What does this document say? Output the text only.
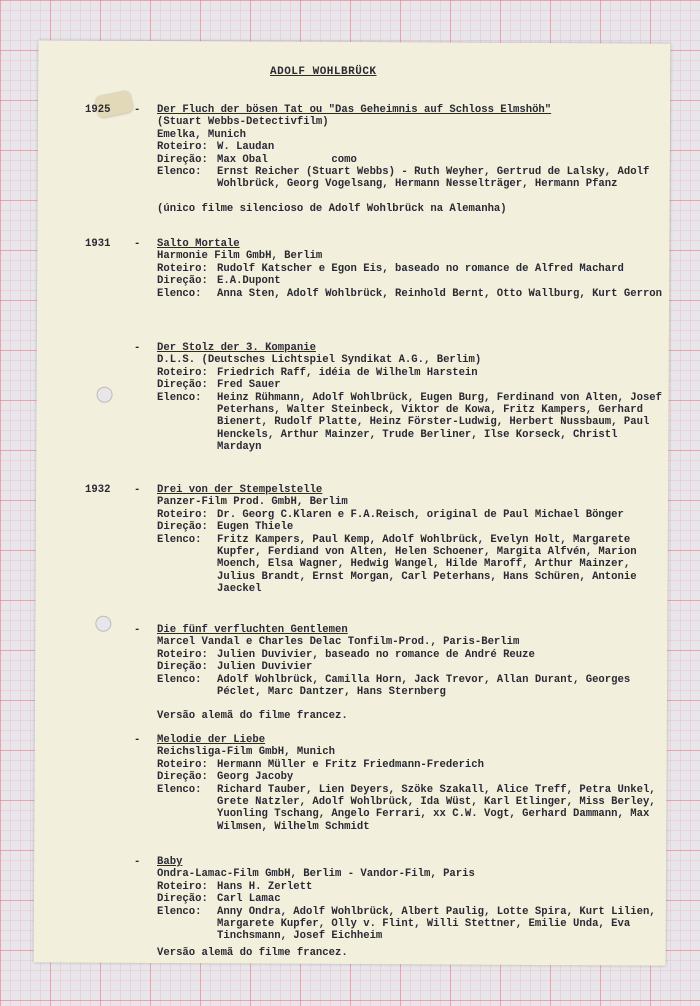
ADOLF WOHLBRÜCK
1925 - Der Fluch der bösen Tat ou "Das Geheimnis auf Schloss Elmshöh"
(Stuart Webbs-Detectivfilm)
Emelka, Munich
Roteiro: W. Laudan
Direção: Max Obal          como
Elenco:	Ernst Reicher (Stuart Webbs) - Ruth Weyher, Gertrud de Lalsky, Adolf Wohlbrück, Georg Vogelsang, Hermann Nesselträger, Hermann Pfanz
(único filme silencioso de Adolf Wohlbrück na Alemanha)
1931 - Salto Mortale
Harmonie Film GmbH, Berlim
Roteiro: Rudolf Katscher e Egon Eis, baseado no romance de Alfred Machard
Direção: E.A.Dupont
Elenco:	Anna Sten, Adolf Wohlbrück, Reinhold Bernt, Otto Wallburg, Kurt Gerron
- Der Stolz der 3. Kompanie
D.L.S. (Deutsches Lichtspiel Syndikat A.G., Berlim)
Roteiro: Friedrich Raff, idéia de Wilhelm Harstein
Direção: Fred Sauer
Elenco:	Heinz Rühmann, Adolf Wohlbrück, Eugen Burg, Ferdinand von Alten, Josef Peterhans, Walter Steinbeck, Viktor de Kowa, Fritz Kampers, Gerhard Bienert, Rudolf Platte, Heinz Förster-Ludwig, Herbert Nussbaum, Paul Henckels, Arthur Mainzer, Trude Berliner, Ilse Korseck, Christl Mardayn
1932 - Drei von der Stempelstelle
Panzer-Film Prod. GmbH, Berlim
Roteiro: Dr. Georg C.Klaren e F.A.Reisch, original de Paul Michael Bönger
Direção: Eugen Thiele
Elenco:	Fritz Kampers, Paul Kemp, Adolf Wohlbrück, Evelyn Holt, Margarete Kupfer, Ferdiand von Alten, Helen Schoener, Margita Alfvén, Marion Moench, Elsa Wagner, Hedwig Wangel, Hilde Maroff, Arthur Mainzer, Julius Brandt, Ernst Morgan, Carl Peterhans, Hans Schüren, Antonie Jaeckel
- Die fünf verfluchten Gentlemen
Marcel Vandal e Charles Delac Tonfilm-Prod., Paris-Berlim
Roteiro: Julien Duvivier, baseado no romance de André Reuze
Direção: Julien Duvivier
Elenco:	Adolf Wohlbrück, Camilla Horn, Jack Trevor, Allan Durant, Georges Péclet, Marc Dantzer, Hans Sternberg
Versão alemã do filme francez.
- Melodie der Liebe
Reichsliga-Film GmbH, Munich
Roteiro: Hermann Müller e Fritz Friedmann-Frederich
Direção: Georg Jacoby
Elenco:	Richard Tauber, Lien Deyers, Szöke Szakall, Alice Treff, Petra Unkel, Grete Natzler, Adolf Wohlbrück, Ida Wüst, Karl Etlinger, Miss Berley, Yuonling Tschang, Angelo Ferrari, xx C.W. Vogt, Gerhard Dammann, Max Wilmsen, Wilhelm Schmidt
- Baby
Ondra-Lamac-Film GmbH, Berlim - Vandor-Film, Paris
Roteiro: Hans H. Zerlett
Direção: Carl Lamac
Elenco:	Anny Ondra, Adolf Wohlbrück, Albert Paulig, Lotte Spira, Kurt Lilien, Margarete Kupfer, Olly v. Flint, Willi Stettner, Emilie Unda, Eva Tinchsmann, Josef Eichheim
Versão alemã do filme francez.
